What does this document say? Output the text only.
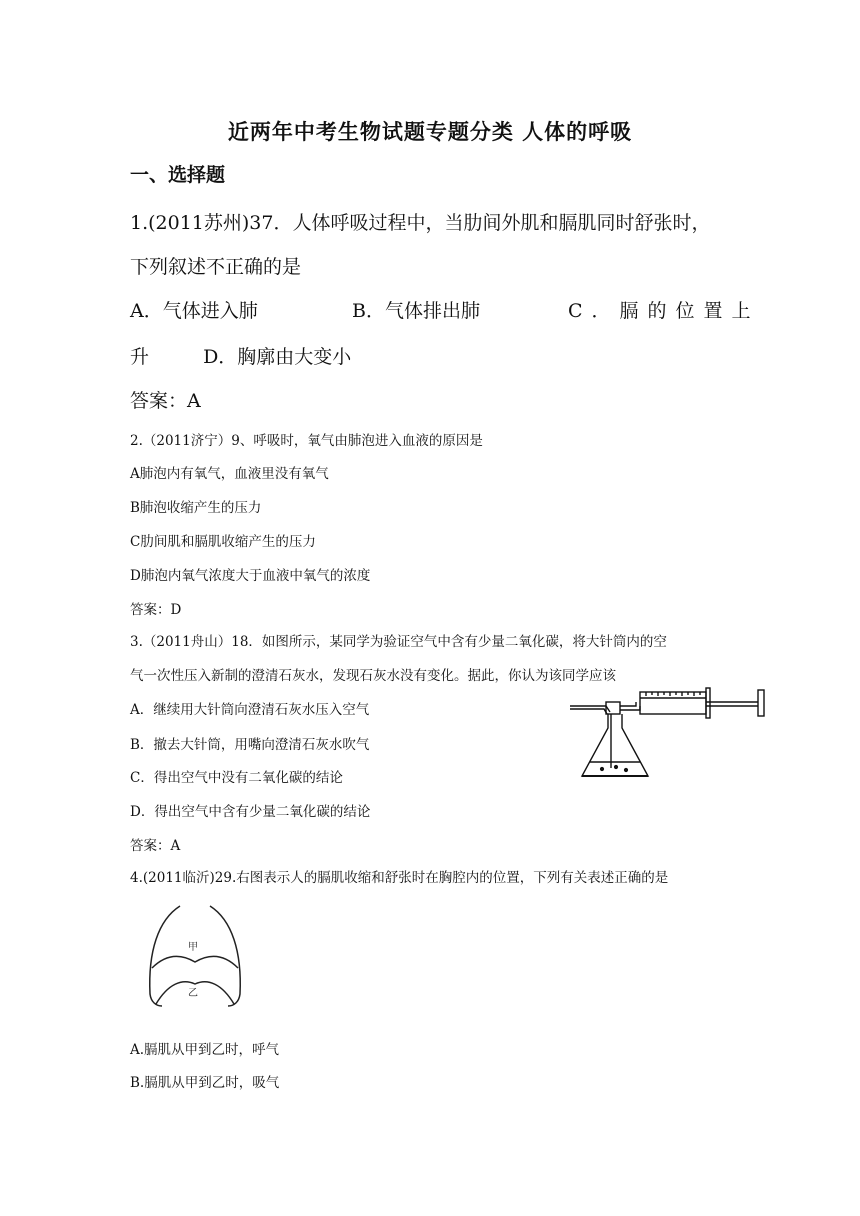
近两年中考生物试题专题分类 人体的呼吸
一、选择题
1.(2011苏州)37．人体呼吸过程中，当肋间外肌和膈肌同时舒张时，
下列叙述不正确的是
A．气体进入肺	B．气体排出肺	C．膈的位置上
升	D．胸廓由大变小
答案：A
2.（2011济宁）9、呼吸时，氧气由肺泡进入血液的原因是
A肺泡内有氧气，血液里没有氧气
B肺泡收缩产生的压力
C肋间肌和膈肌收缩产生的压力
D肺泡内氧气浓度大于血液中氧气的浓度
答案：D
3.（2011舟山）18．如图所示，某同学为验证空气中含有少量二氧化碳，将大针筒内的空
气一次性压入新制的澄清石灰水，发现石灰水没有变化。据此，你认为该同学应该
A．继续用大针筒向澄清石灰水压入空气
B．撤去大针筒，用嘴向澄清石灰水吹气
C．得出空气中没有二氧化碳的结论
D．得出空气中含有少量二氧化碳的结论
答案：A
4.(2011临沂)29.右图表示人的膈肌收缩和舒张时在胸腔内的位置，下列有关表述正确的是
甲
乙
A.膈肌从甲到乙时，呼气
B.膈肌从甲到乙时，吸气
